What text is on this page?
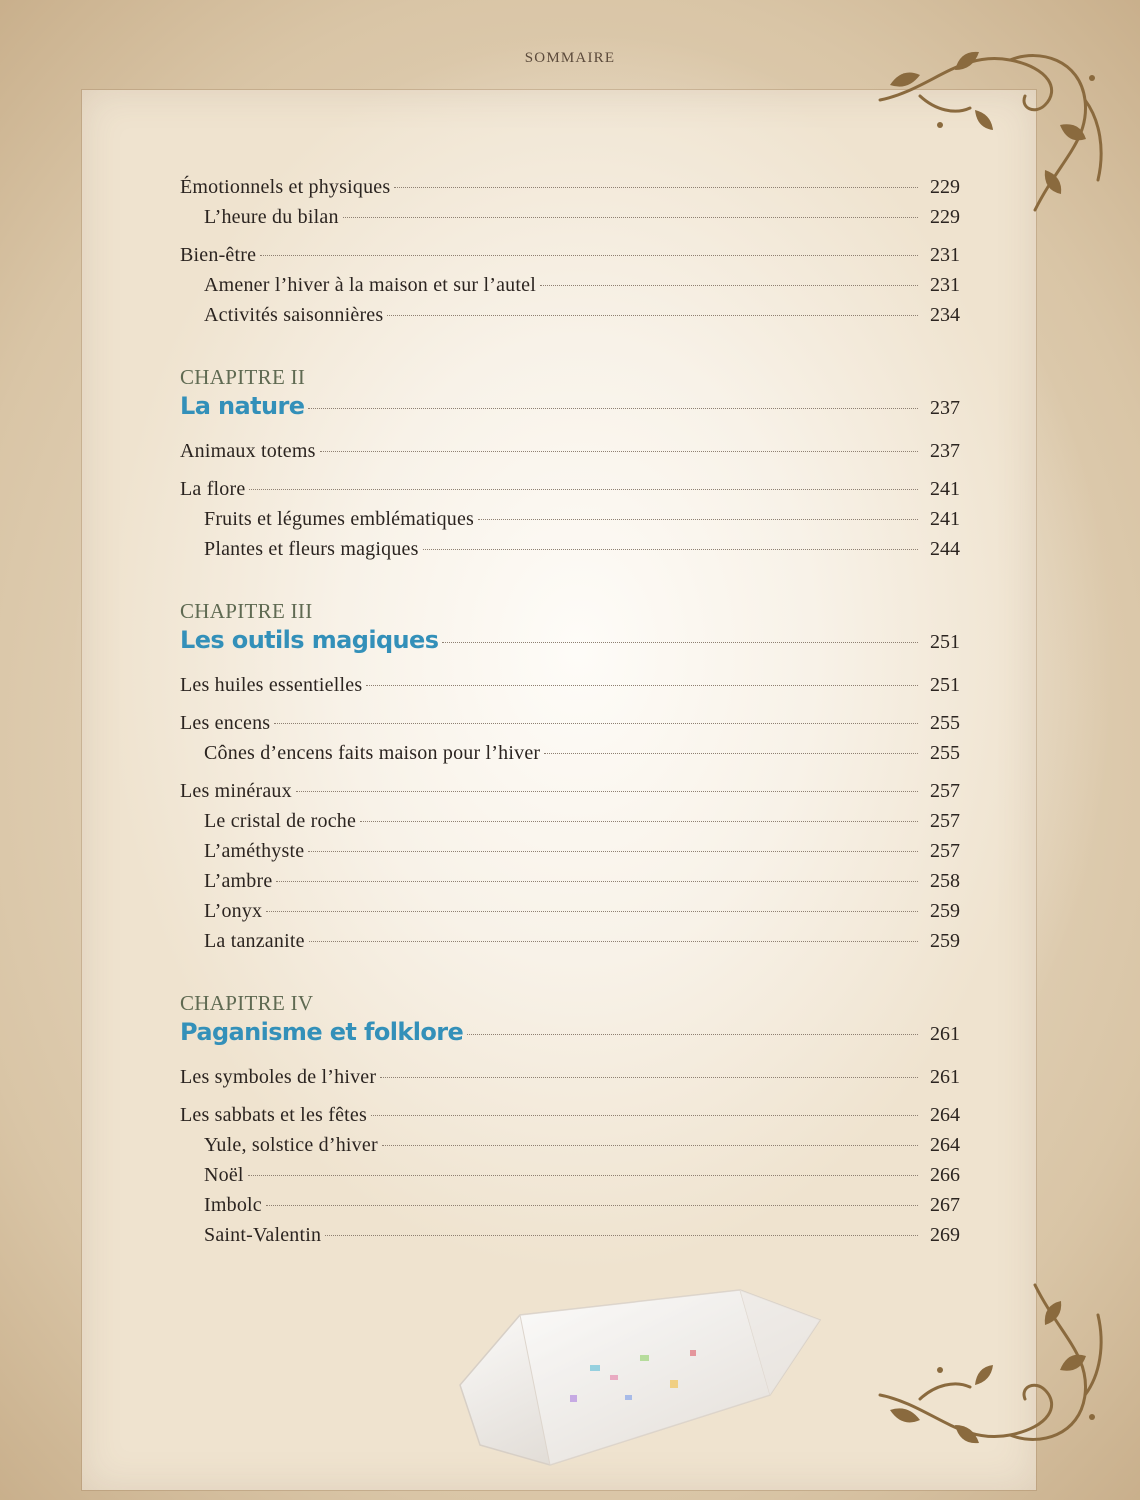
SOMMAIRE
Émotionnels et physiques	229
L’heure du bilan	229
Bien-être	231
Amener l’hiver à la maison et sur l’autel	231
Activités saisonnières	234
CHAPITRE II
La nature	237
Animaux totems	237
La flore	241
Fruits et légumes emblématiques	241
Plantes et fleurs magiques	244
CHAPITRE III
Les outils magiques	251
Les huiles essentielles	251
Les encens	255
Cônes d’encens faits maison pour l’hiver	255
Les minéraux	257
Le cristal de roche	257
L’améthyste	257
L’ambre	258
L’onyx	259
La tanzanite	259
CHAPITRE IV
Paganisme et folklore	261
Les symboles de l’hiver	261
Les sabbats et les fêtes	264
Yule, solstice d’hiver	264
Noël	266
Imbolc	267
Saint-Valentin	269
